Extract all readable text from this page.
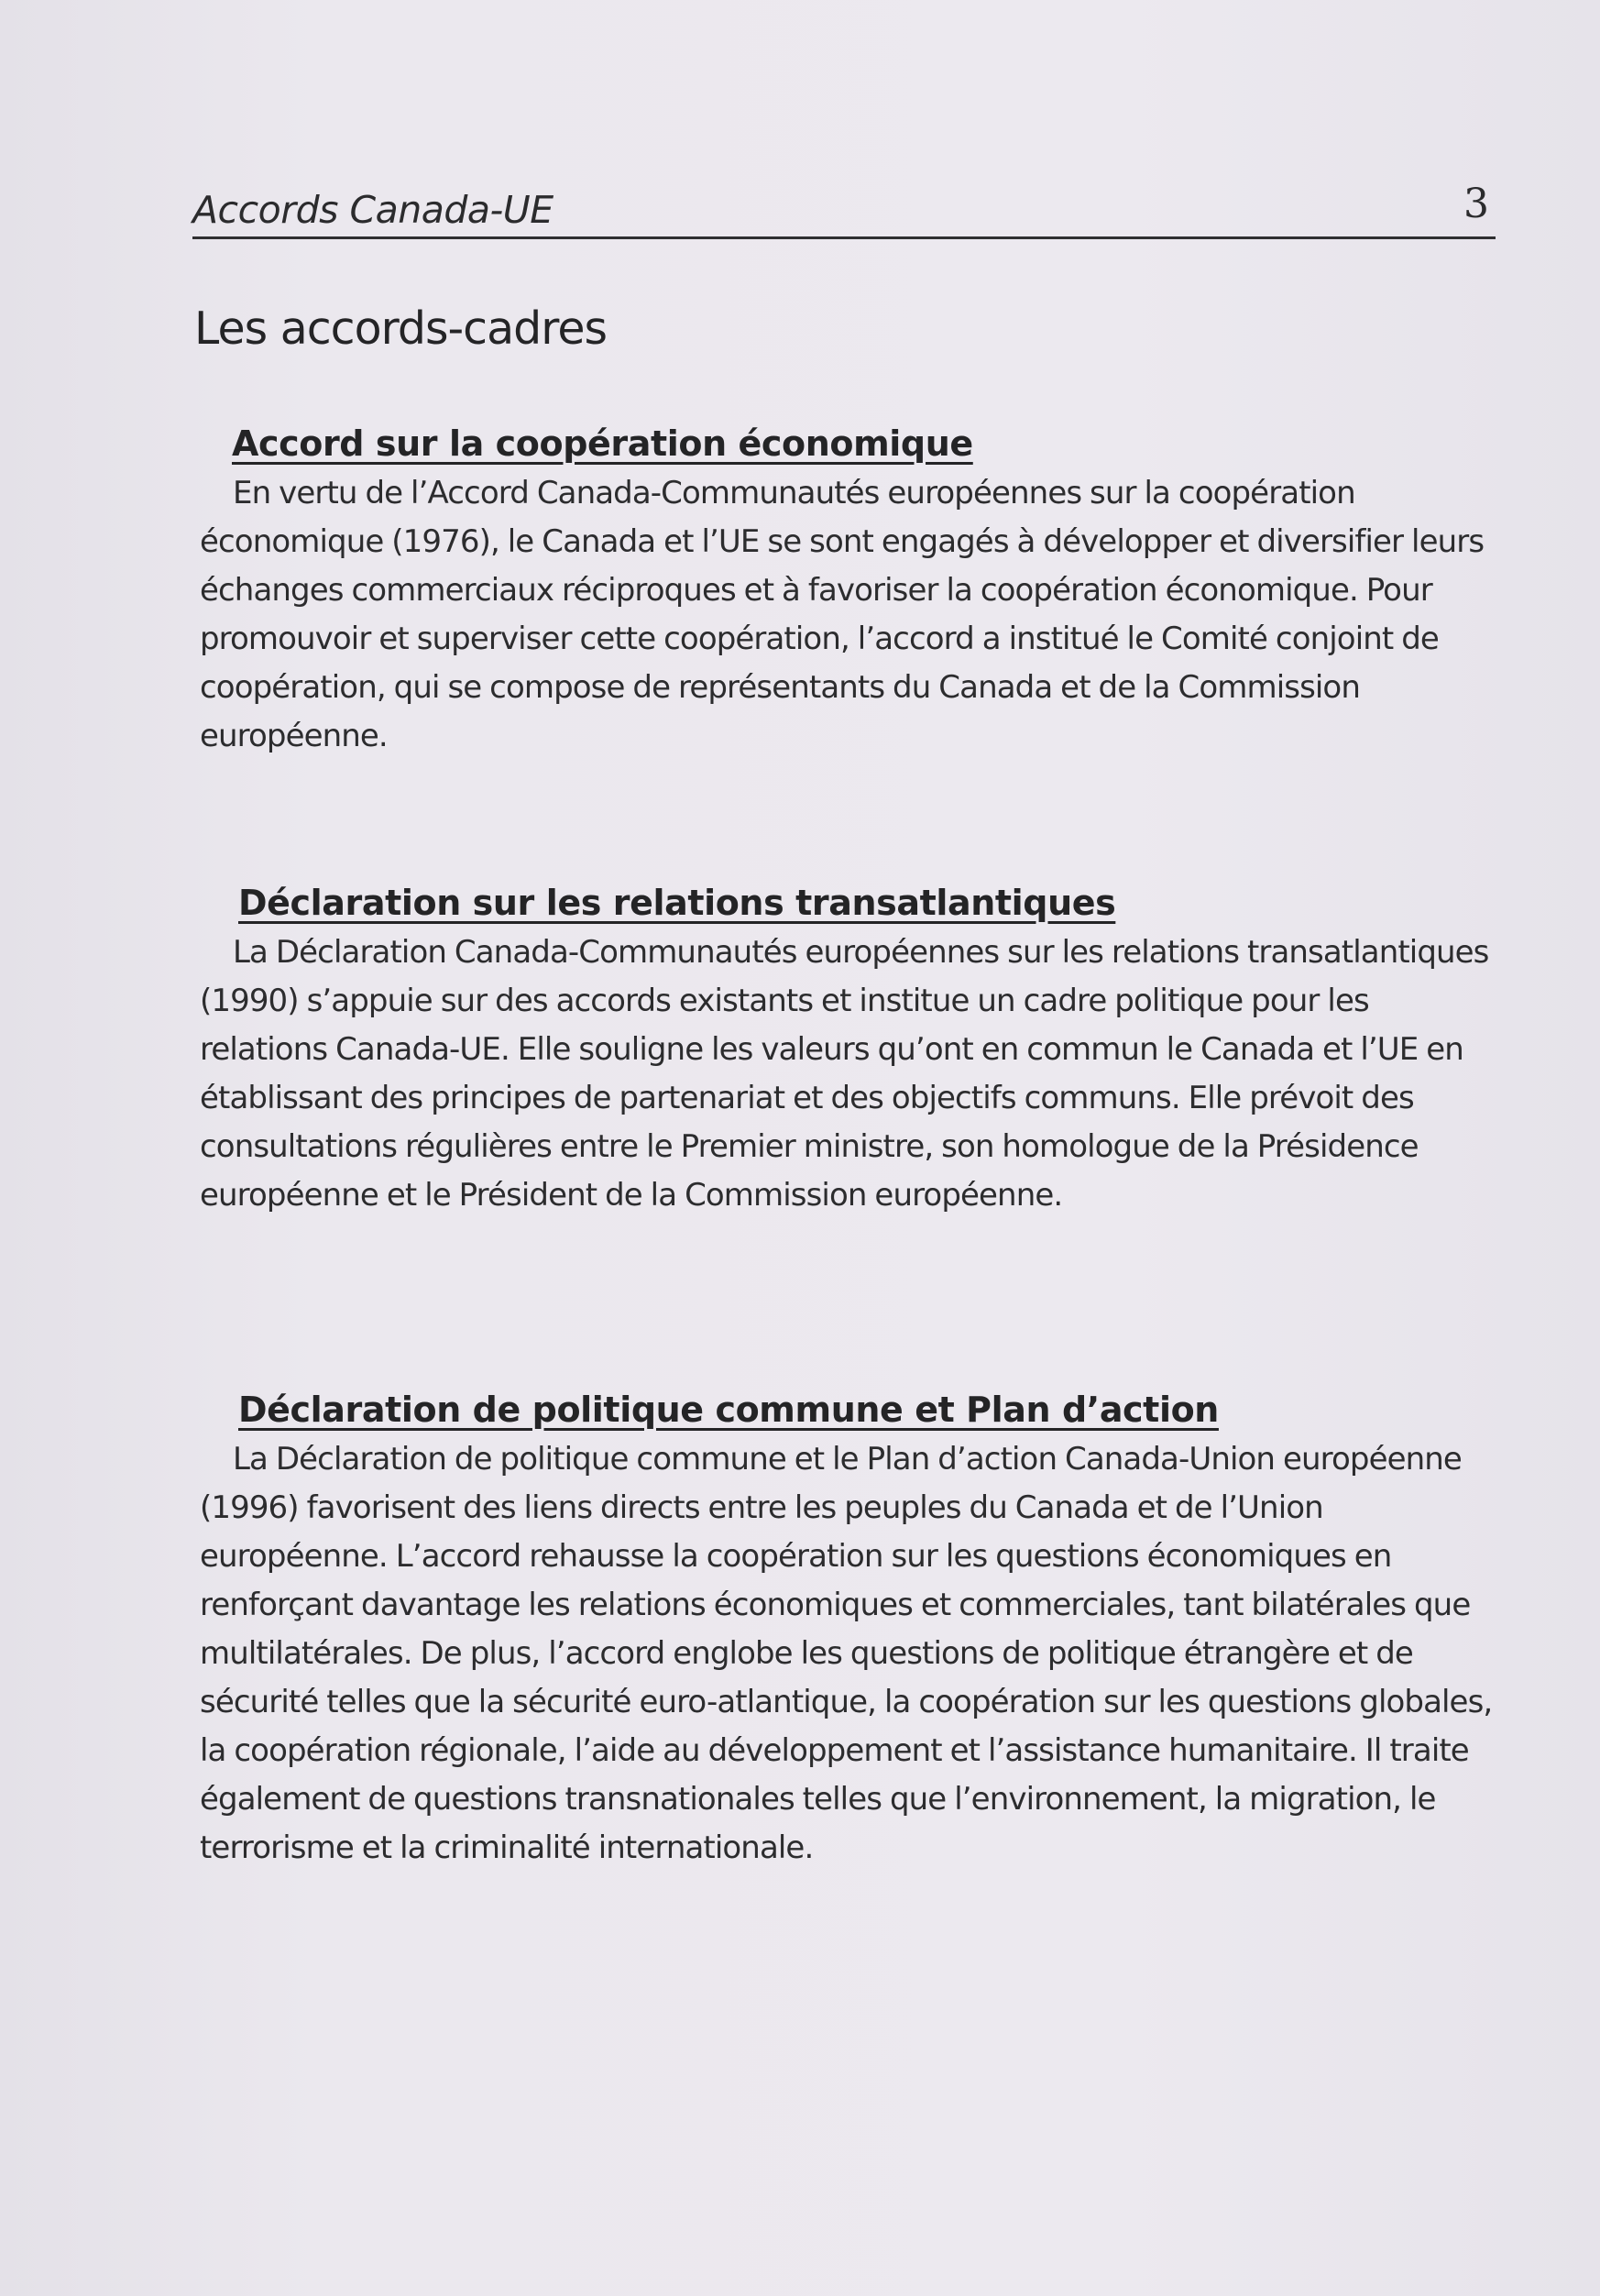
Accords Canada-UE	3
Les accords-cadres
Accord sur la coopération économique

En vertu de l’Accord Canada-Communautés européennes sur la coopération économique (1976), le Canada et l’UE se sont engagés à développer et diversifier leurs échanges commerciaux réciproques et à favoriser la coopération économique. Pour promouvoir et superviser cette coopération, l’accord a institué le Comité conjoint de coopération, qui se compose de représentants du Canada et de la Commission européenne.

Déclaration sur les relations transatlantiques

La Déclaration Canada-Communautés européennes sur les relations transatlantiques (1990) s’appuie sur des accords existants et institue un cadre politique pour les relations Canada-UE. Elle souligne les valeurs qu’ont en commun le Canada et l’UE en établissant des principes de partenariat et des objectifs communs. Elle prévoit des consultations régulières entre le Premier ministre, son homologue de la Présidence européenne et le Président de la Commission européenne.

Déclaration de politique commune et Plan d’action

La Déclaration de politique commune et le Plan d’action Canada-Union européenne (1996) favorisent des liens directs entre les peuples du Canada et de l’Union européenne. L’accord rehausse la coopération sur les questions économiques en renforçant davantage les relations économiques et commerciales, tant bilatérales que multilatérales. De plus, l’accord englobe les questions de politique étrangère et de sécurité telles que la sécurité euro-atlantique, la coopération sur les questions globales, la coopération régionale, l’aide au développement et l’assistance humanitaire. Il traite également de questions transnationales telles que l’environnement, la migration, le terrorisme et la criminalité internationale.
